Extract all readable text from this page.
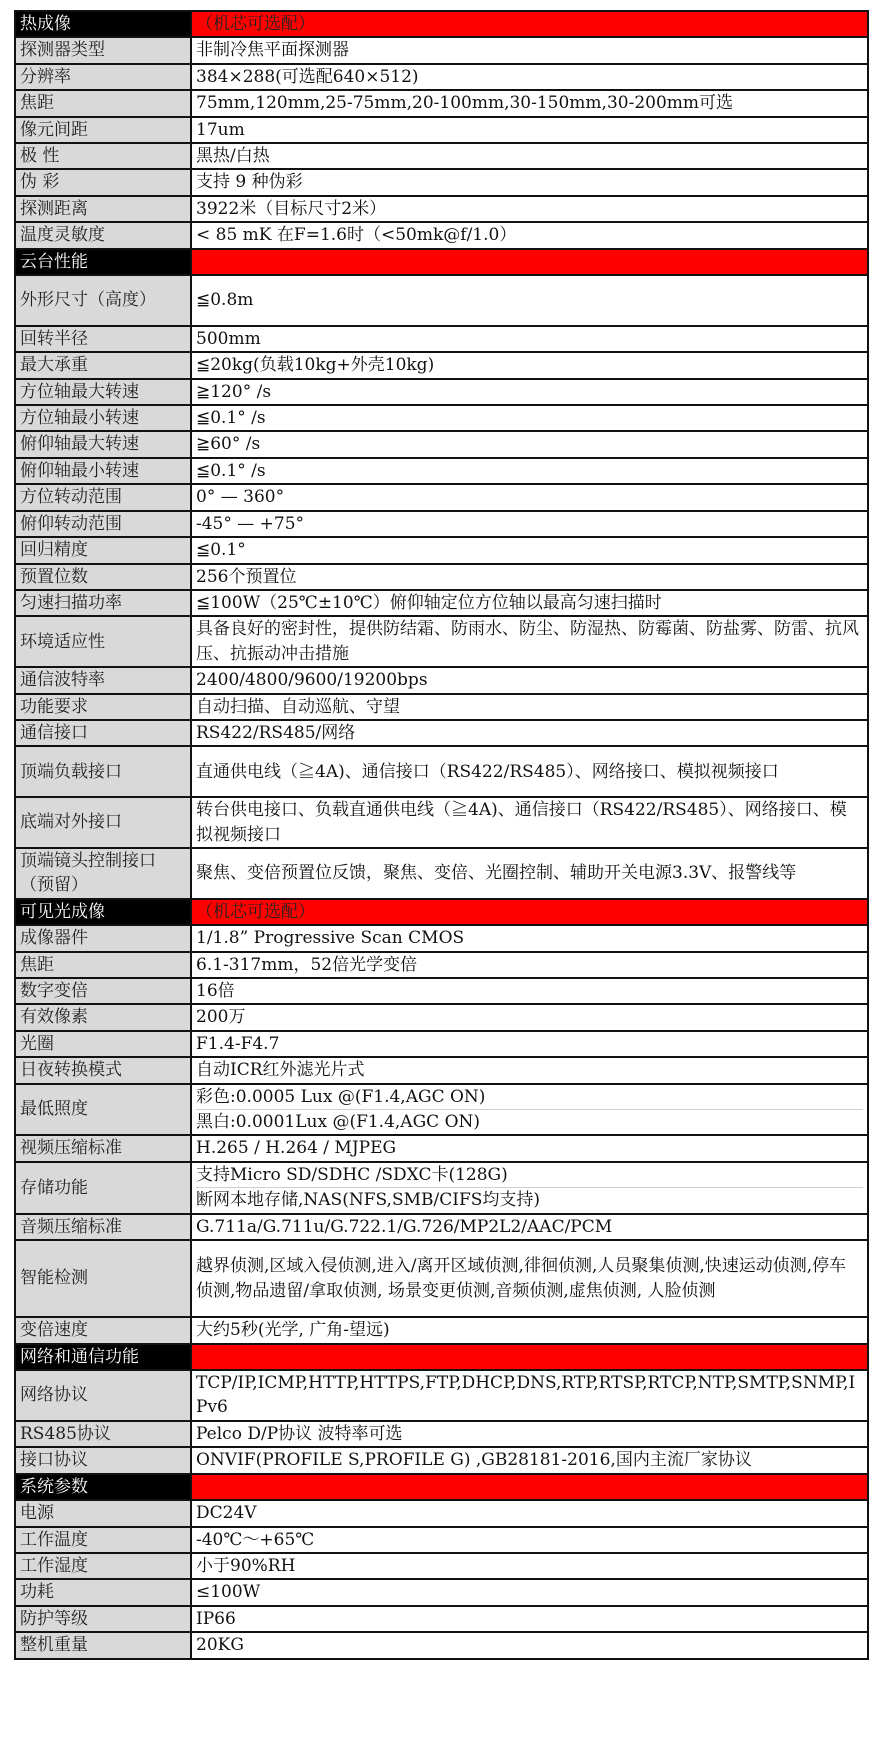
热成像	（机芯可选配）
探测器类型	非制冷焦平面探测器
分辨率	384×288(可选配640×512)
焦距	75mm,120mm,25-75mm,20-100mm,30-150mm,30-200mm可选
像元间距	17um
极 性	黑热/白热
伪 彩	支持 9 种伪彩
探测距离	3922米（目标尺寸2米）
温度灵敏度	< 85 mK 在F=1.6时（<50mk@f/1.0）
云台性能	
外形尺寸（高度）	≦0.8m
回转半径	500mm
最大承重	≦20kg(负载10kg+外壳10kg)
方位轴最大转速	≧120° /s
方位轴最小转速	≦0.1° /s
俯仰轴最大转速	≧60° /s
俯仰轴最小转速	≦0.1° /s
方位转动范围	0° — 360°
俯仰转动范围	-45° — +75°
回归精度	≦0.1°
预置位数	256个预置位
匀速扫描功率	≦100W（25℃±10℃）俯仰轴定位方位轴以最高匀速扫描时
环境适应性	具备良好的密封性，提供防结霜、防雨水、防尘、防湿热、防霉菌、防盐雾、防雷、抗风压、抗振动冲击措施
通信波特率	2400/4800/9600/19200bps
功能要求	自动扫描、自动巡航、守望
通信接口	RS422/RS485/网络
顶端负载接口	直通供电线（≧4A)、通信接口（RS422/RS485）、网络接口、模拟视频接口
底端对外接口	转台供电接口、负载直通供电线（≧4A)、通信接口（RS422/RS485）、网络接口、模拟视频接口
顶端镜头控制接口（预留）	聚焦、变倍预置位反馈，聚焦、变倍、光圈控制、辅助开关电源3.3V、报警线等
可见光成像	（机芯可选配）
成像器件	1/1.8” Progressive Scan CMOS
焦距	6.1-317mm，52倍光学变倍
数字变倍	16倍
有效像素	200万
光圈	F1.4-F4.7
日夜转换模式	自动ICR红外滤光片式
最低照度	彩色:0.0005 Lux @(F1.4,AGC ON)
黑白:0.0001Lux @(F1.4,AGC ON)

视频压缩标准	H.265 / H.264 / MJPEG
存储功能	支持Micro SD/SDHC /SDXC卡(128G)
断网本地存储,NAS(NFS,SMB/CIFS均支持)

音频压缩标准	G.711a/G.711u/G.722.1/G.726/MP2L2/AAC/PCM
智能检测	越界侦测,区域入侵侦测,进入/离开区域侦测,徘徊侦测,人员聚集侦测,快速运动侦测,停车侦测,物品遗留/拿取侦测, 场景变更侦测,音频侦测,虚焦侦测, 人脸侦测
变倍速度	大约5秒(光学, 广角-望远)
网络和通信功能	
网络协议	TCP/IP,ICMP,HTTP,HTTPS,FTP,DHCP,DNS,RTP,RTSP,RTCP,NTP,SMTP,SNMP,IPv6
RS485协议	Pelco D/P协议 波特率可选
接口协议	ONVIF(PROFILE S,PROFILE G) ,GB28181-2016,国内主流厂家协议
系统参数	
电源	DC24V
工作温度	-40℃～+65℃
工作湿度	小于90%RH
功耗	≤100W
防护等级	IP66
整机重量	20KG
